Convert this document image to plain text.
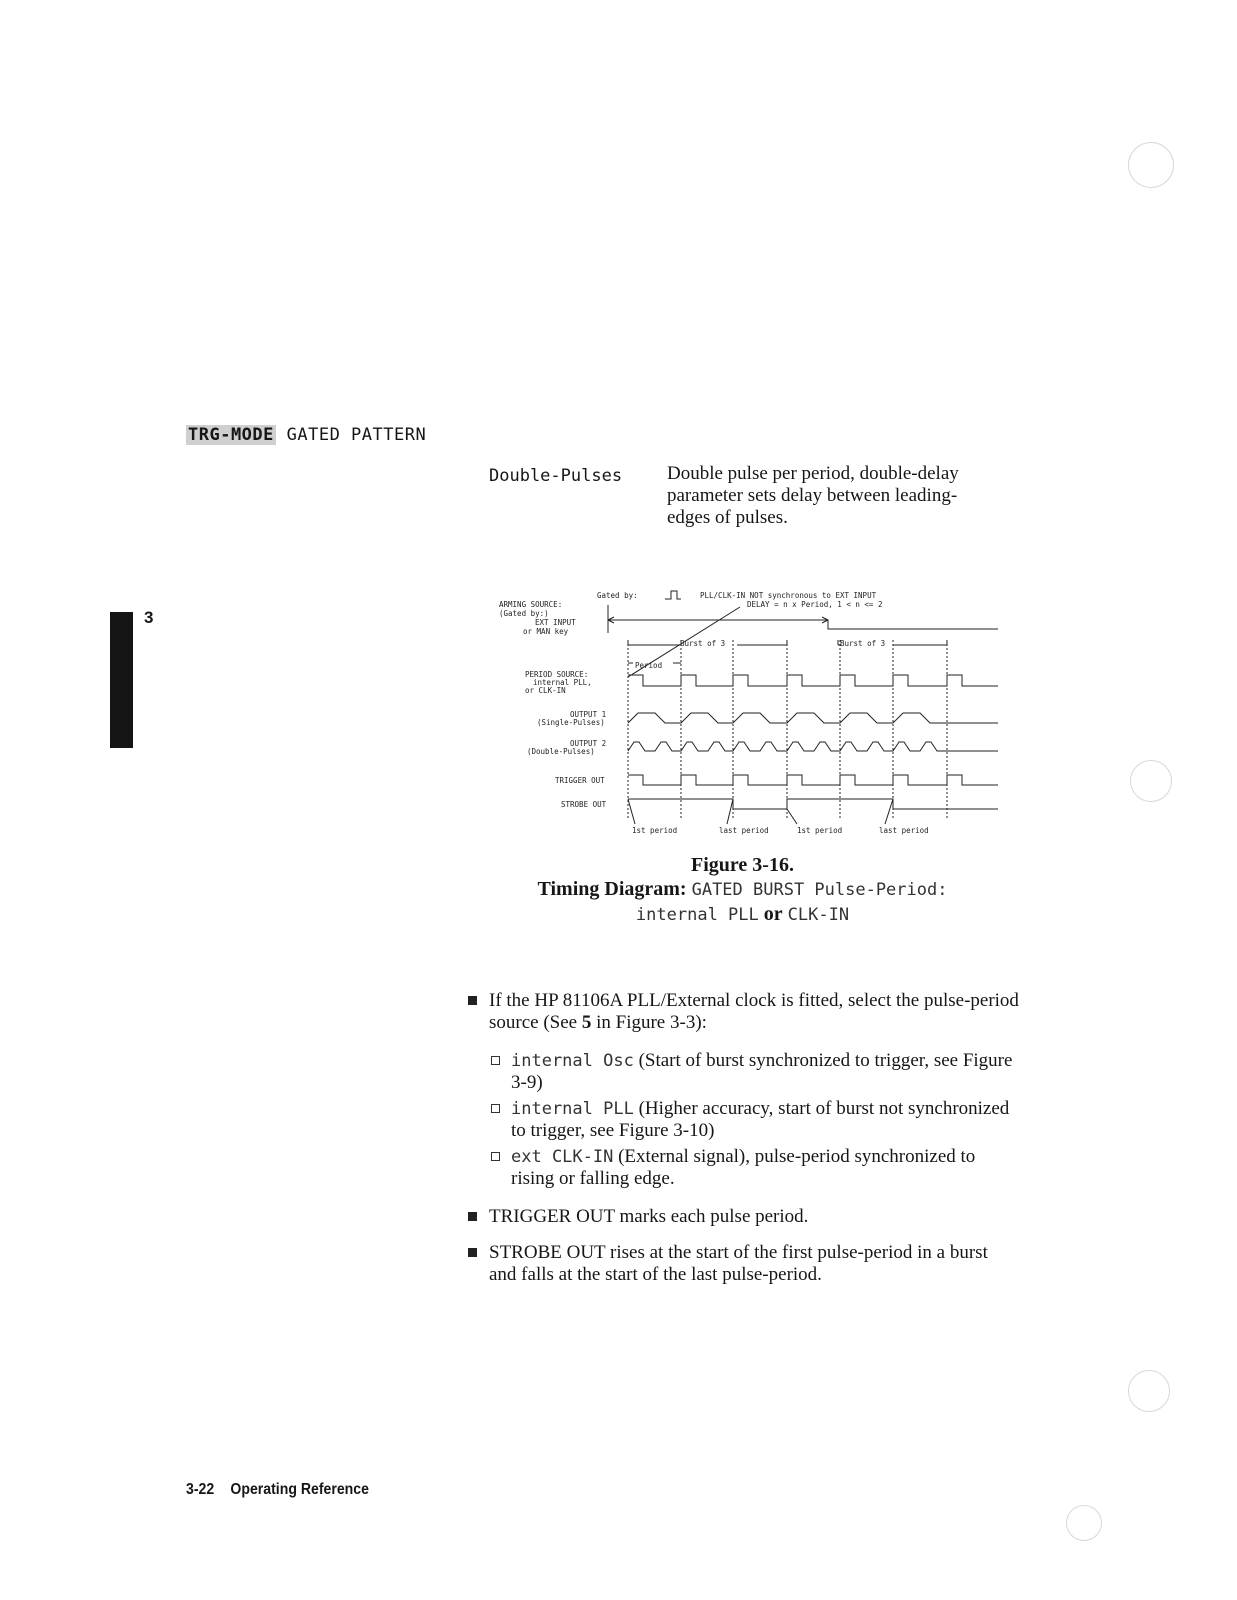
TRG-MODE GATED PATTERN
3
Double-Pulses Double pulse per period, double-delay parameter sets delay between leading-edges of pulses.
ARMING SOURCE:
(Gated by:)
EXT INPUT
or MAN key
Gated by:	PLL/CLK-IN NOT synchronous to EXT INPUT
DELAY = n x Period, 1 < n <= 2
Burst of 3	Burst of 3
Period
PERIOD SOURCE:
internal PLL,
or CLK-IN
OUTPUT 1
(Single-Pulses)
OUTPUT 2
(Double-Pulses)
TRIGGER OUT
STROBE OUT
1st period	last period	1st period	last period
Figure 3-16.
Timing Diagram: GATED BURST Pulse-Period:
internal PLL or CLK-IN
If the HP 81106A PLL/External clock is fitted, select the pulse-period source (See 5 in Figure 3-3):
internal Osc (Start of burst synchronized to trigger, see Figure 3-9)
internal PLL (Higher accuracy, start of burst not synchronized to trigger, see Figure 3-10)
ext CLK-IN (External signal), pulse-period synchronized to rising or falling edge.
TRIGGER OUT marks each pulse period.
STROBE OUT rises at the start of the first pulse-period in a burst and falls at the start of the last pulse-period.
3-22 Operating Reference
